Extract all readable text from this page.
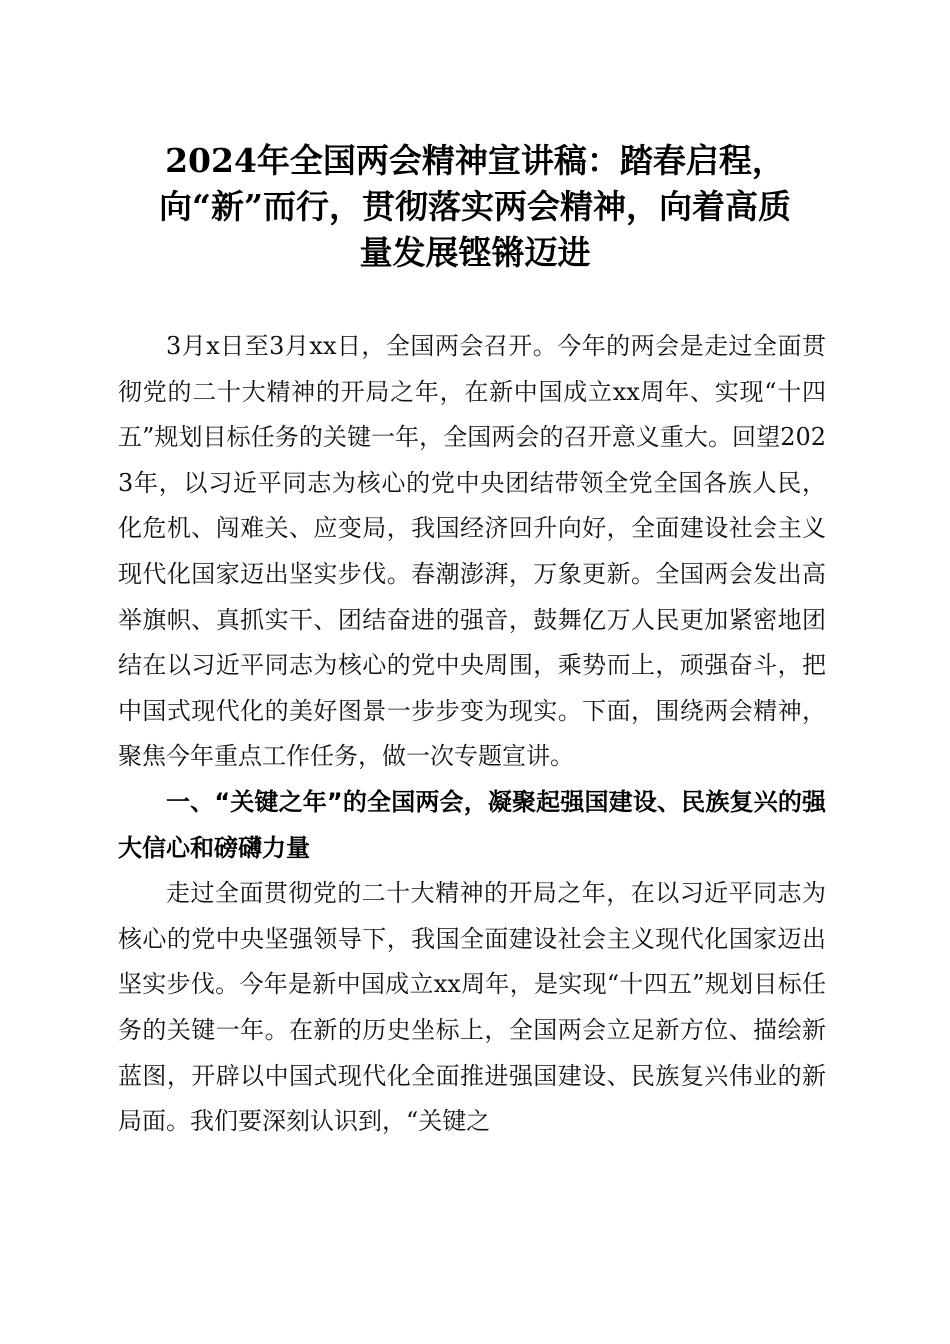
2024年全国两会精神宣讲稿：踏春启程，
向“新”而行，贯彻落实两会精神，向着高质
量发展铿锵迈进

3月x日至3月xx日，全国两会召开。今年的两会是走过全面贯彻党的二十大精神的开局之年，在新中国成立xx周年、实现“十四五”规划目标任务的关键一年，全国两会的召开意义重大。回望2023年，以习近平同志为核心的党中央团结带领全党全国各族人民，化危机、闯难关、应变局，我国经济回升向好，全面建设社会主义现代化国家迈出坚实步伐。春潮澎湃，万象更新。全国两会发出高举旗帜、真抓实干、团结奋进的强音，鼓舞亿万人民更加紧密地团结在以习近平同志为核心的党中央周围，乘势而上，顽强奋斗，把中国式现代化的美好图景一步步变为现实。下面，围绕两会精神，聚焦今年重点工作任务，做一次专题宣讲。

一、“关键之年”的全国两会，凝聚起强国建设、民族复兴的强大信心和磅礴力量

走过全面贯彻党的二十大精神的开局之年，在以习近平同志为核心的党中央坚强领导下，我国全面建设社会主义现代化国家迈出坚实步伐。今年是新中国成立xx周年，是实现“十四五”规划目标任务的关键一年。在新的历史坐标上，全国两会立足新方位、描绘新蓝图，开辟以中国式现代化全面推进强国建设、民族复兴伟业的新局面。我们要深刻认识到，“关键之
